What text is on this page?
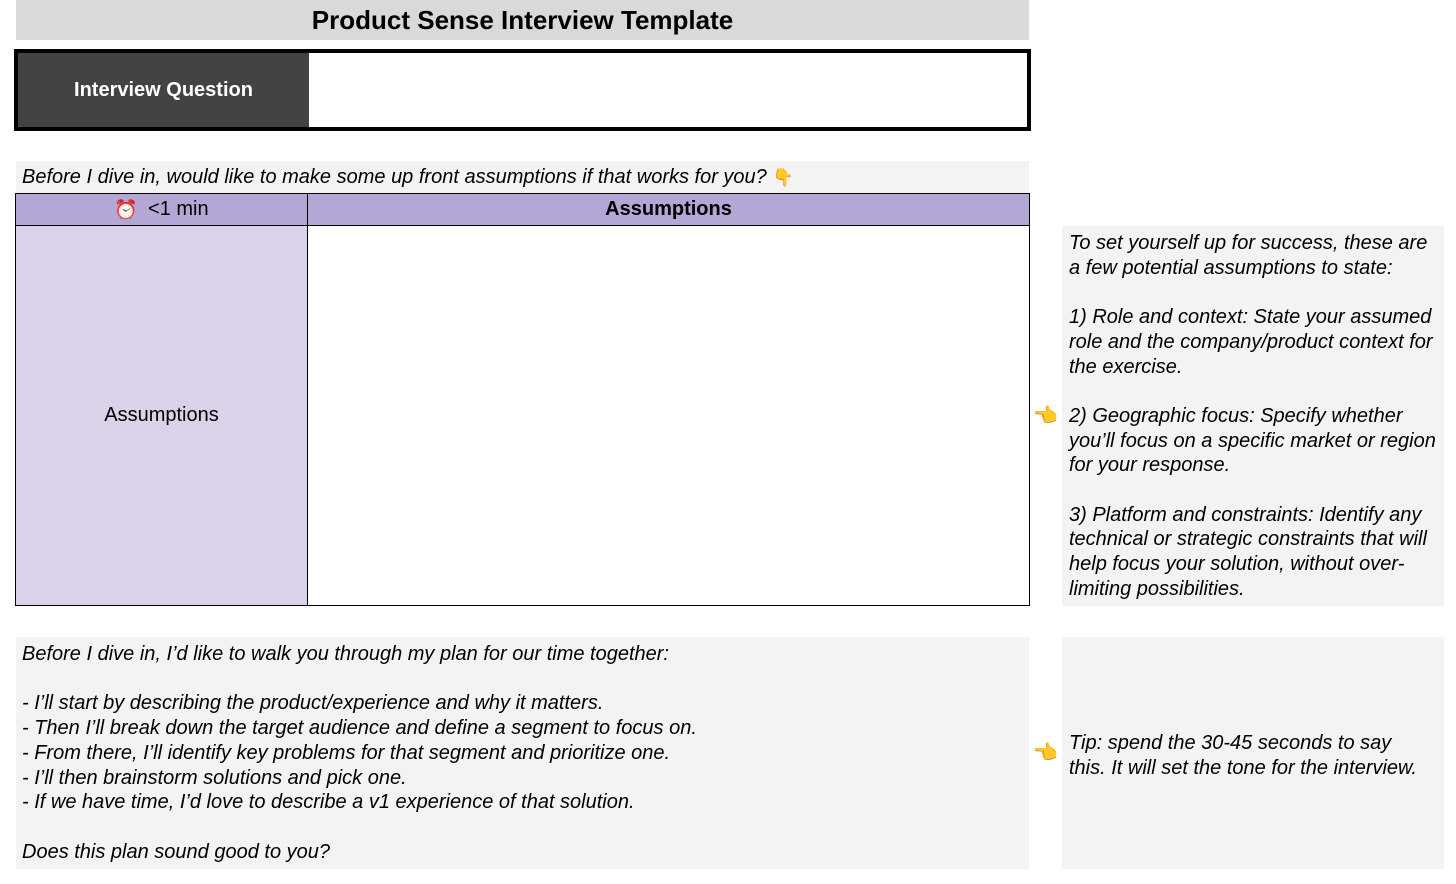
Product Sense Interview Template
Interview Question
Before I dive in, would like to make some up front assumptions if that works for you? 👇
⏰ <1 min	Assumptions
Assumptions	👈
To set yourself up for success, these are a few potential assumptions to state:

1) Role and context: State your assumed role and the company/product context for the exercise.

2) Geographic focus: Specify whether you’ll focus on a specific market or region for your response.

3) Platform and constraints: Identify any technical or strategic constraints that will help focus your solution, without over-limiting possibilities.
Before I dive in, I’d like to walk you through my plan for our time together:
- I’ll start by describing the product/experience and why it matters.
- Then I’ll break down the target audience and define a segment to focus on.
- From there, I’ll identify key problems for that segment and prioritize one.
- I’ll then brainstorm solutions and pick one.
- If we have time, I’d love to describe a v1 experience of that solution.
Does this plan sound good to you?
👈 Tip: spend the 30-45 seconds to say
this. It will set the tone for the interview.
